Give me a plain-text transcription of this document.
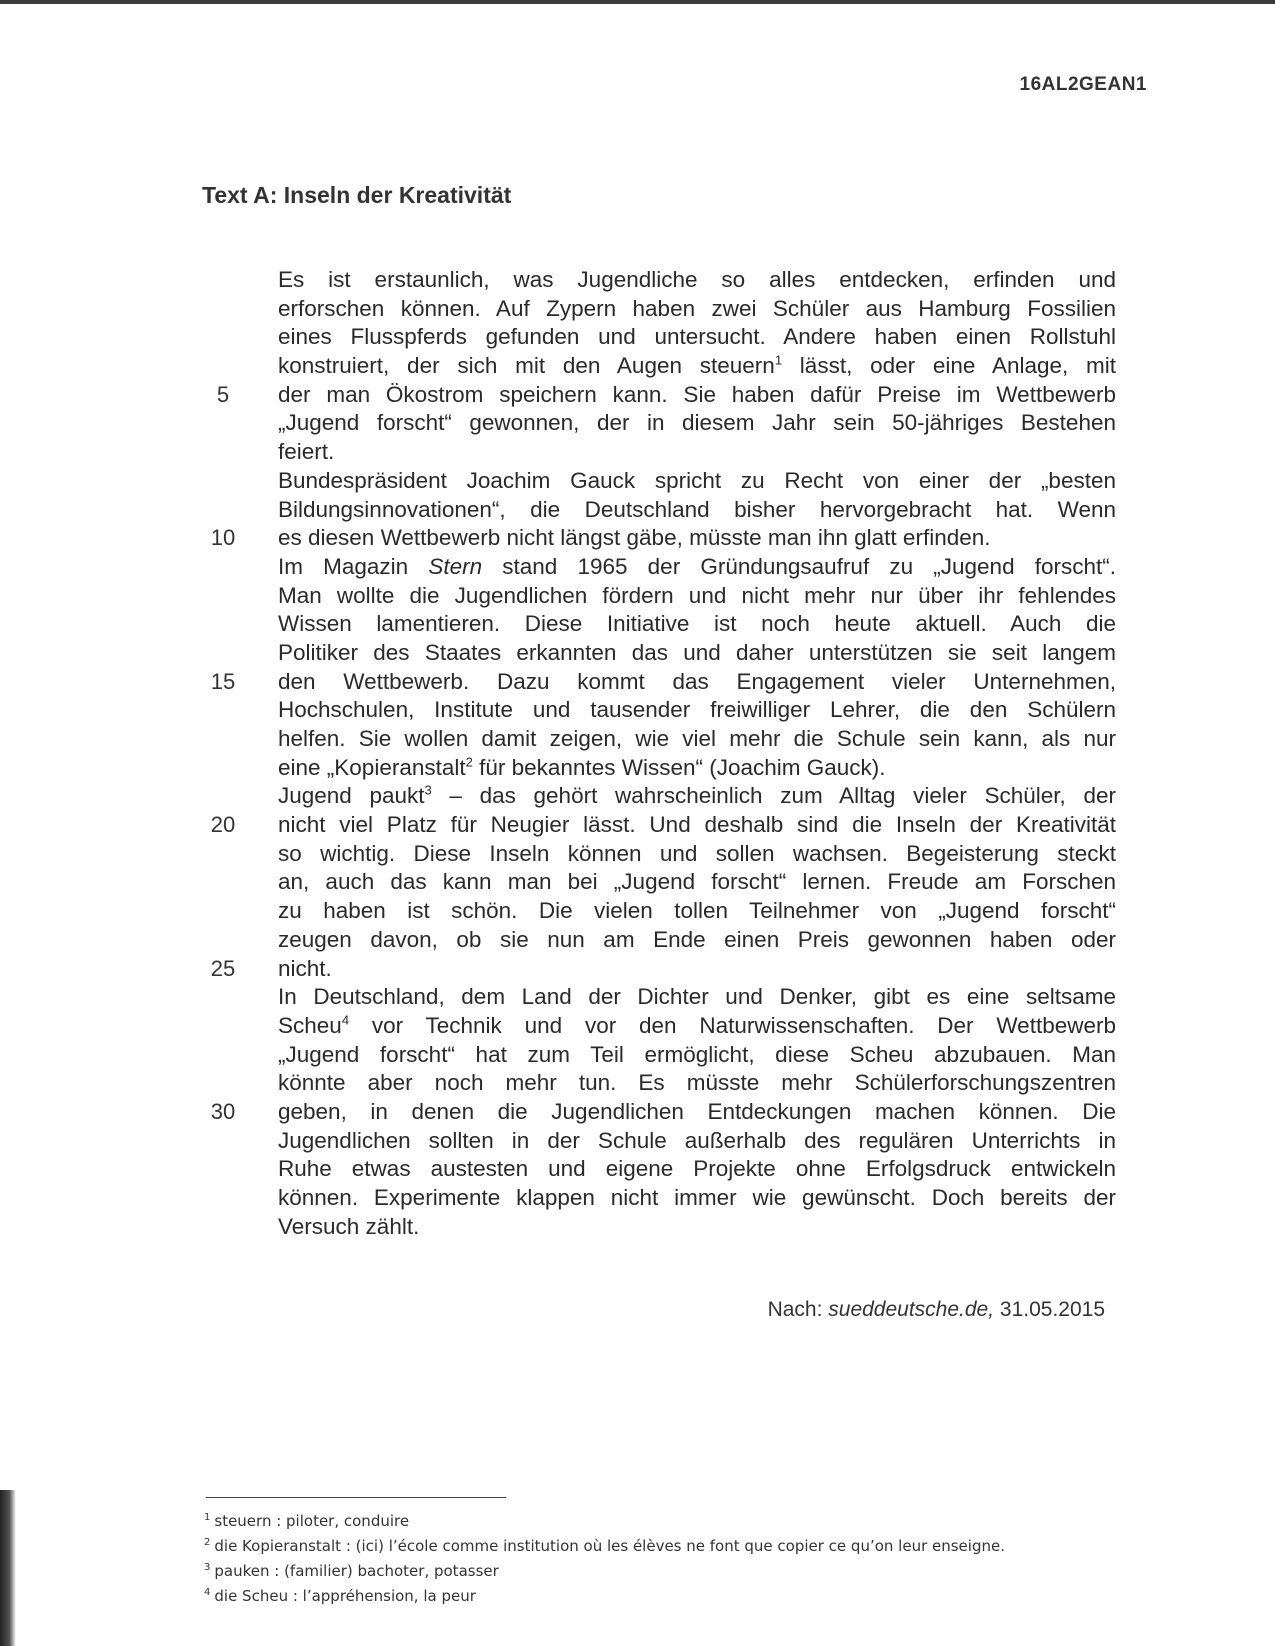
16AL2GEAN1
Text A: Inseln der Kreativität
Es ist erstaunlich, was Jugendliche so alles entdecken, erfinden und
erforschen können. Auf Zypern haben zwei Schüler aus Hamburg Fossilien
eines Flusspferds gefunden und untersucht. Andere haben einen Rollstuhl
konstruiert, der sich mit den Augen steuern$^1$ lässt, oder eine Anlage, mit
5	der man Ökostrom speichern kann. Sie haben dafür Preise im Wettbewerb
„Jugend forscht“ gewonnen, der in diesem Jahr sein 50-jähriges Bestehen
feiert.
Bundespräsident Joachim Gauck spricht zu Recht von einer der „besten
Bildungsinnovationen“, die Deutschland bisher hervorgebracht hat. Wenn
10	es diesen Wettbewerb nicht längst gäbe, müsste man ihn glatt erfinden.
Im Magazin Stern stand 1965 der Gründungsaufruf zu „Jugend forscht“.
Man wollte die Jugendlichen fördern und nicht mehr nur über ihr fehlendes
Wissen lamentieren. Diese Initiative ist noch heute aktuell. Auch die
Politiker des Staates erkannten das und daher unterstützen sie seit langem
15	den Wettbewerb. Dazu kommt das Engagement vieler Unternehmen,
Hochschulen, Institute und tausender freiwilliger Lehrer, die den Schülern
helfen. Sie wollen damit zeigen, wie viel mehr die Schule sein kann, als nur
eine „Kopieranstalt$^2$ für bekanntes Wissen“ (Joachim Gauck).
Jugend paukt$^3$ – das gehört wahrscheinlich zum Alltag vieler Schüler, der
20	nicht viel Platz für Neugier lässt. Und deshalb sind die Inseln der Kreativität
so wichtig. Diese Inseln können und sollen wachsen. Begeisterung steckt
an, auch das kann man bei „Jugend forscht“ lernen. Freude am Forschen
zu haben ist schön. Die vielen tollen Teilnehmer von „Jugend forscht“
zeugen davon, ob sie nun am Ende einen Preis gewonnen haben oder
25	nicht.
In Deutschland, dem Land der Dichter und Denker, gibt es eine seltsame
Scheu$^4$ vor Technik und vor den Naturwissenschaften. Der Wettbewerb
„Jugend forscht“ hat zum Teil ermöglicht, diese Scheu abzubauen. Man
könnte aber noch mehr tun. Es müsste mehr Schülerforschungszentren
30	geben, in denen die Jugendlichen Entdeckungen machen können. Die
Jugendlichen sollten in der Schule außerhalb des regulären Unterrichts in
Ruhe etwas austesten und eigene Projekte ohne Erfolgsdruck entwickeln
können. Experimente klappen nicht immer wie gewünscht. Doch bereits der
Versuch zählt.
Nach: sueddeutsche.de, 31.05.2015
$^1$ steuern : piloter, conduire
$^2$ die Kopieranstalt : (ici) l’école comme institution où les élèves ne font que copier ce qu’on leur enseigne.
$^3$ pauken : (familier) bachoter, potasser
$^4$ die Scheu : l’appréhension, la peur
